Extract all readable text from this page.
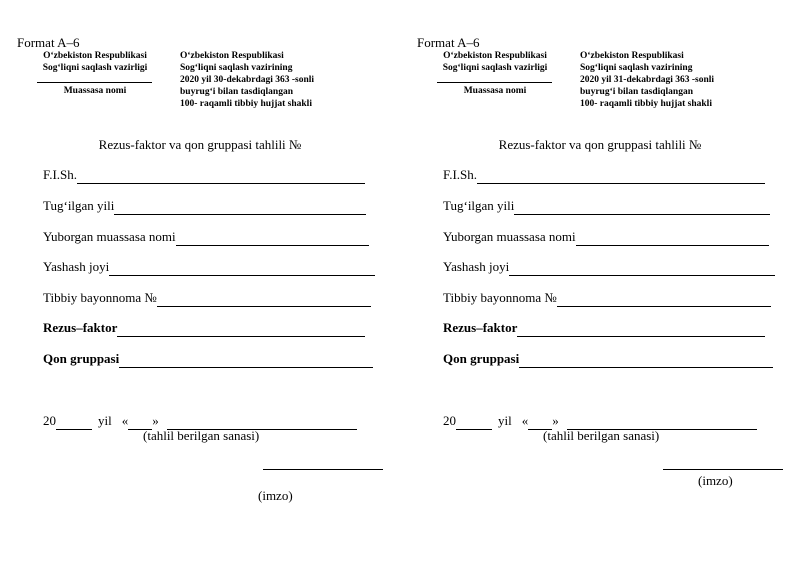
Format A–6
O‘zbekiston Respublikasi
Sog‘liqni saqlash vazirligi
Muassasa nomi
O‘zbekiston Respublikasi
Sog‘liqni saqlash vazirining
2020 yil 30-dekabrdagi 363 -sonli
buyrug‘i bilan tasdiqlangan
100- raqamli tibbiy hujjat shakli
Rezus-faktor va qon gruppasi tahlili №
F.I.Sh.
Tug‘ilgan yili
Yuborgan muassasa nomi
Yashash joyi
Tibbiy bayonnoma №
Rezus–faktor
Qon gruppasi
20	yil « »
(tahlil berilgan sanasi)
(imzo)
Format A–6
O‘zbekiston Respublikasi
Sog‘liqni saqlash vazirligi
Muassasa nomi
O‘zbekiston Respublikasi
Sog‘liqni saqlash vazirining
2020 yil 31-dekabrdagi 363 -sonli
buyrug‘i bilan tasdiqlangan
100- raqamli tibbiy hujjat shakli
Rezus-faktor va qon gruppasi tahlili №
F.I.Sh.
Tug‘ilgan yili
Yuborgan muassasa nomi
Yashash joyi
Tibbiy bayonnoma №
Rezus–faktor
Qon gruppasi
20	yil « »
(tahlil berilgan sanasi)
(imzo)
